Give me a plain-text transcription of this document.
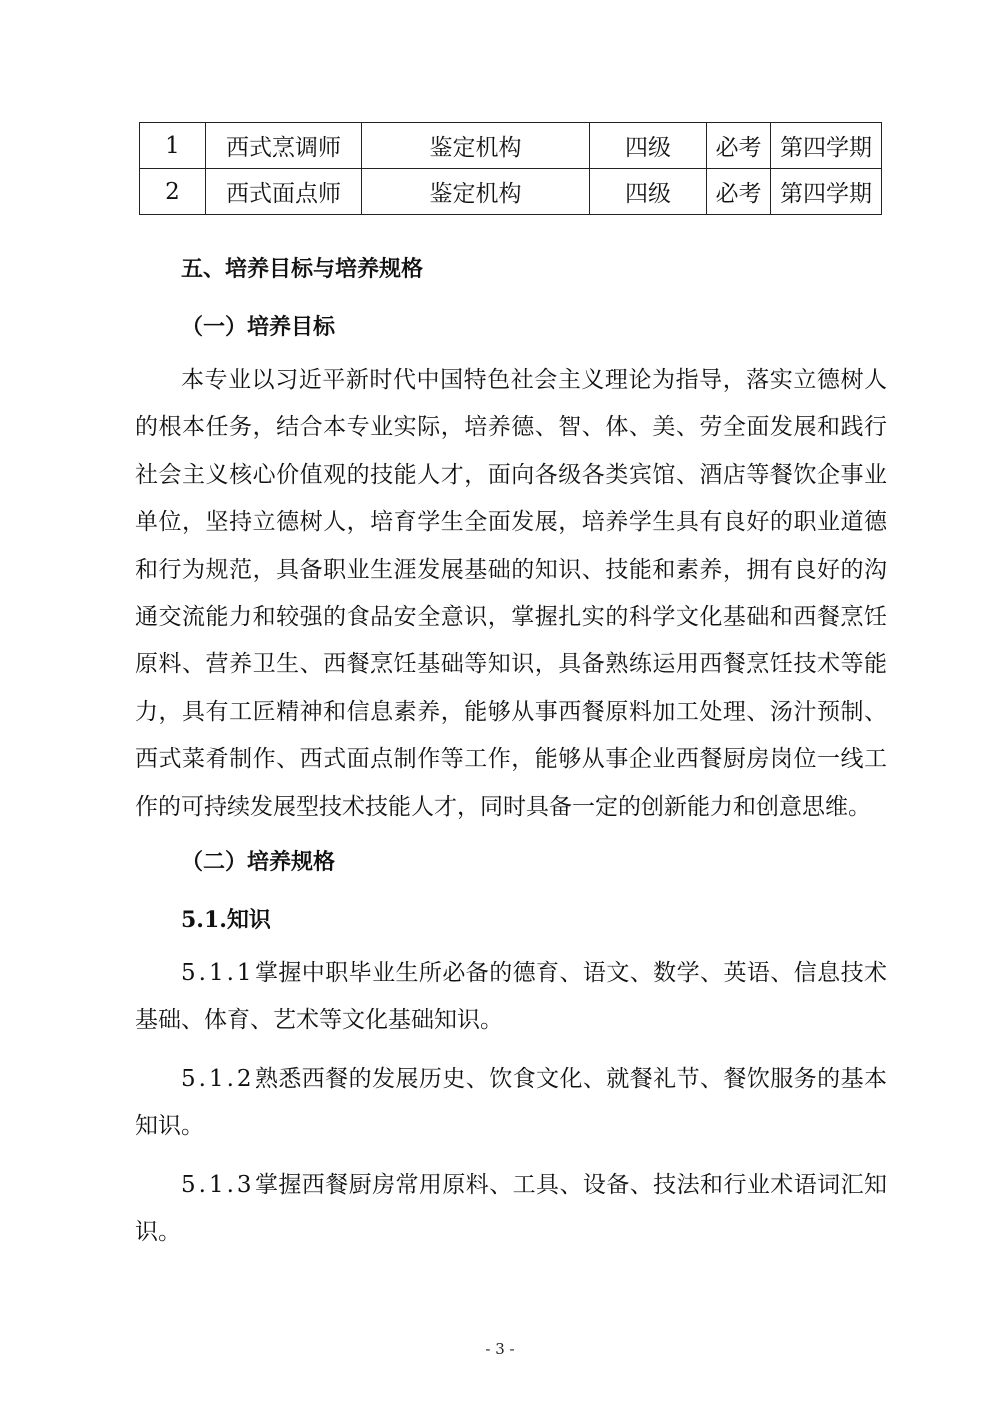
1	西式烹调师	鉴定机构	四级	必考	第四学期
2	西式面点师	鉴定机构	四级	必考	第四学期
五、培养目标与培养规格
（一）培养目标

本专业以习近平新时代中国特色社会主义理论为指导，落实立德树人的根本任务，结合本专业实际，培养德、智、体、美、劳全面发展和践行社会主义核心价值观的技能人才，面向各级各类宾馆、酒店等餐饮企事业单位，坚持立德树人，培育学生全面发展，培养学生具有良好的职业道德和行为规范，具备职业生涯发展基础的知识、技能和素养，拥有良好的沟通交流能力和较强的食品安全意识，掌握扎实的科学文化基础和西餐烹饪原料、营养卫生、西餐烹饪基础等知识，具备熟练运用西餐烹饪技术等能力，具有工匠精神和信息素养，能够从事西餐原料加工处理、汤汁预制、西式菜肴制作、西式面点制作等工作，能够从事企业西餐厨房岗位一线工作的可持续发展型技术技能人才，同时具备一定的创新能力和创意思维。

（二）培养规格
5.1.知识

5.1.1掌握中职毕业生所必备的德育、语文、数学、英语、信息技术基础、体育、艺术等文化基础知识。

5.1.2熟悉西餐的发展历史、饮食文化、就餐礼节、餐饮服务的基本知识。

5.1.3掌握西餐厨房常用原料、工具、设备、技法和行业术语词汇知识。

- 3 -
